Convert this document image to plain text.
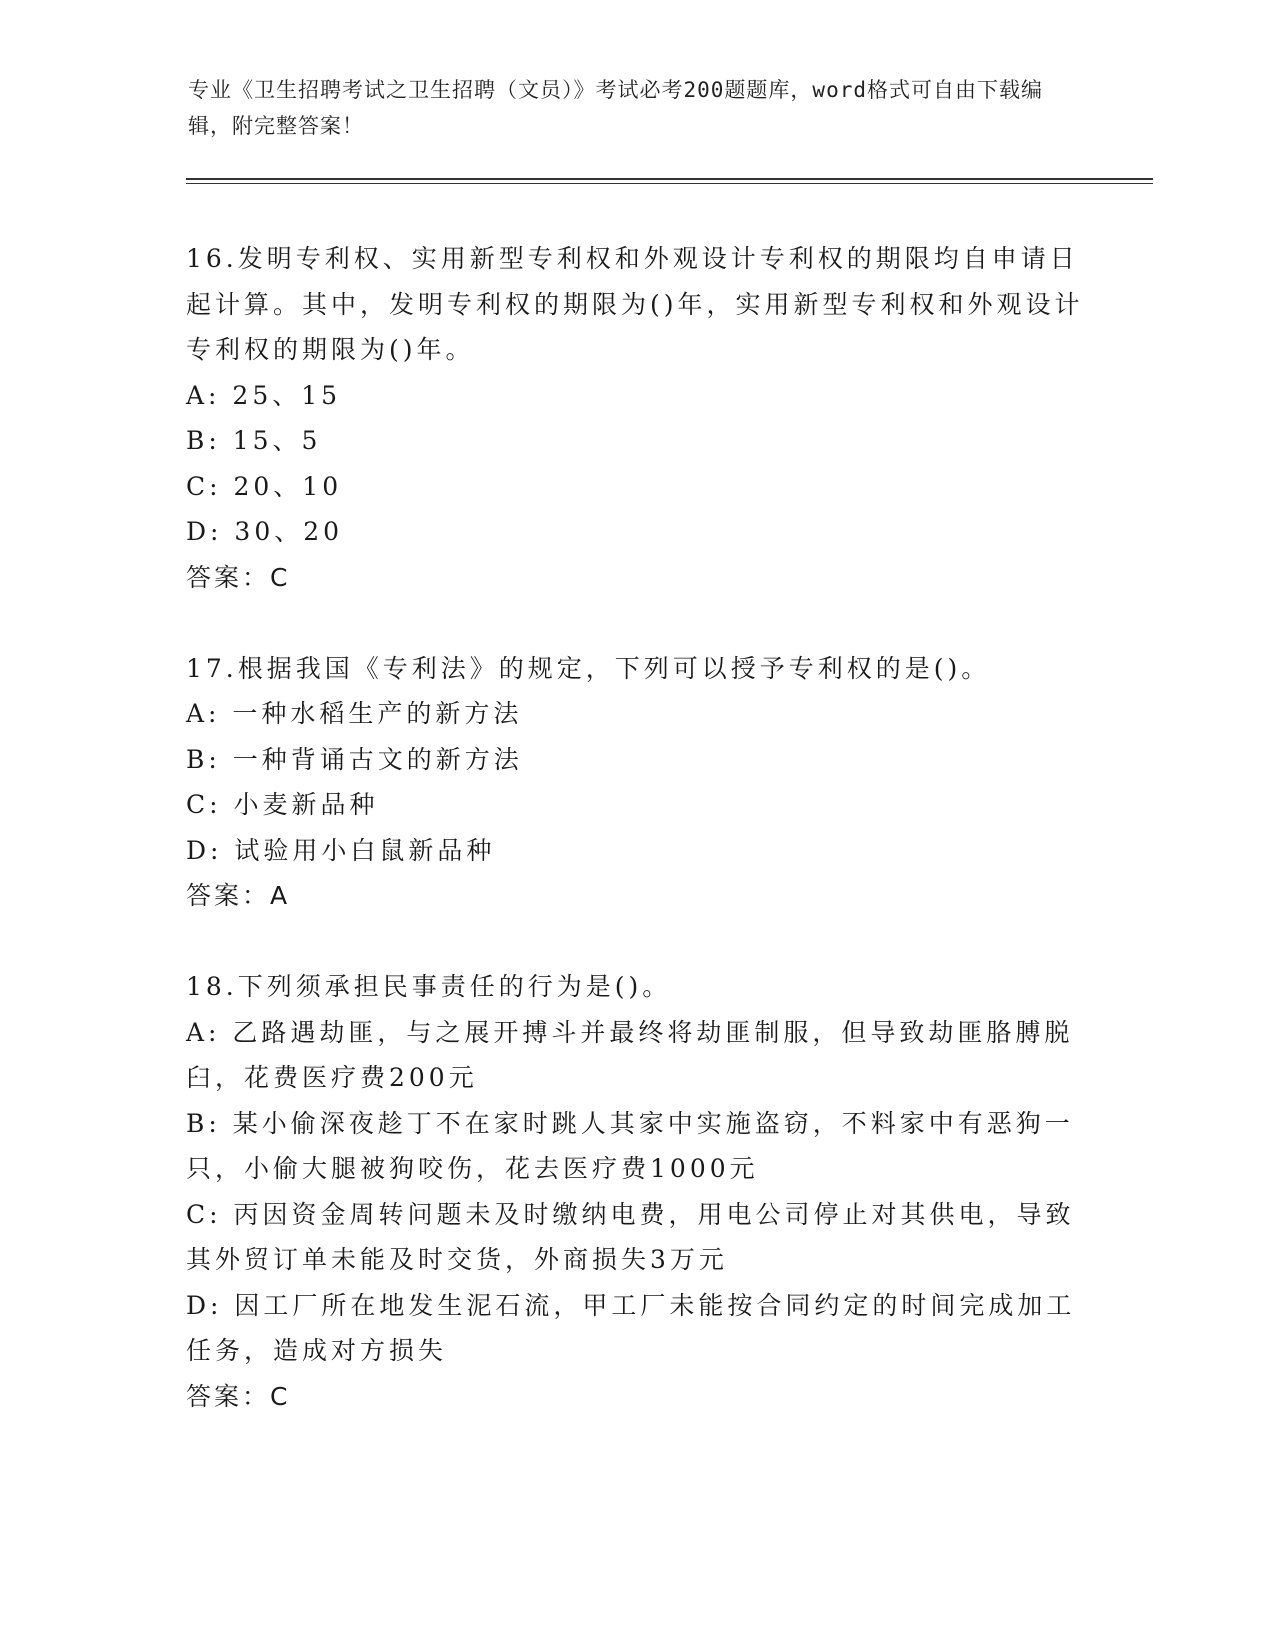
专业《卫生招聘考试之卫生招聘（文员）》考试必考200题题库，word格式可自由下载编辑，附完整答案！

16.发明专利权、实用新型专利权和外观设计专利权的期限均自申请日起计算。其中，发明专利权的期限为()年，实用新型专利权和外观设计专利权的期限为()年。

A: 25、15

B: 15、5

C: 20、10

D: 30、20

答案：C

17.根据我国《专利法》的规定，下列可以授予专利权的是()。

A: 一种水稻生产的新方法

B: 一种背诵古文的新方法

C: 小麦新品种

D: 试验用小白鼠新品种

答案：A

18.下列须承担民事责任的行为是()。

A: 乙路遇劫匪，与之展开搏斗并最终将劫匪制服，但导致劫匪胳膊脱臼，花费医疗费200元

B: 某小偷深夜趁丁不在家时跳人其家中实施盗窃，不料家中有恶狗一只，小偷大腿被狗咬伤，花去医疗费1000元

C: 丙因资金周转问题未及时缴纳电费，用电公司停止对其供电，导致其外贸订单未能及时交货，外商损失3万元

D: 因工厂所在地发生泥石流，甲工厂未能按合同约定的时间完成加工任务，造成对方损失

答案：C
